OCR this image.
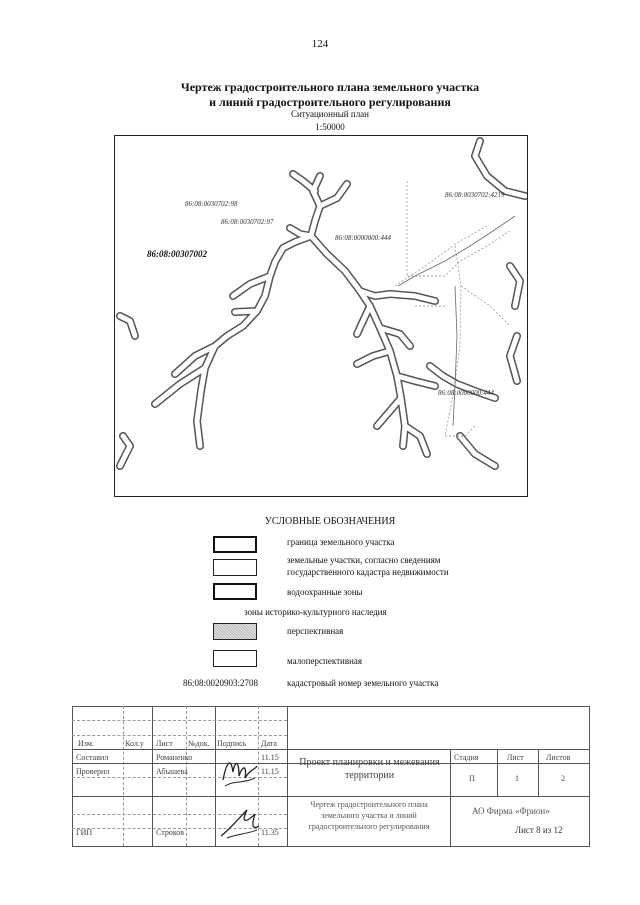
124
Чертеж градостроительного плана земельного участка
и линий градостроительного регулирования
Ситуационный план
1:50000
86:08:0030702:98
86:08:0030702:97
86:08:0000000:444
86:08:0030702:4219
86:08:0000000:444
86:08:00307002
УСЛОВНЫЕ ОБОЗНАЧЕНИЯ
граница земельного участка
земельные участки, согласно сведениям
государственного кадастра недвижимости
водоохранные зоны
зоны историко-культурного наследия
перспективная
малоперспективная
86:08:0020903:2708	кадастровый номер земельного участка
Изм.	Кол.у Лист №док. Подпись Дата
Составил	Романенко	11.15
Проверил	Абышева	11.15
ГИП	Строков	11.35
Проект планировки и межевания территории
Чертеж градостроительного плана земельного участка и линий градостроительного регулирования
Стадия	Лист	Листов
П	1	2
АО Фирма «Фрион»
Лист 8 из 12
